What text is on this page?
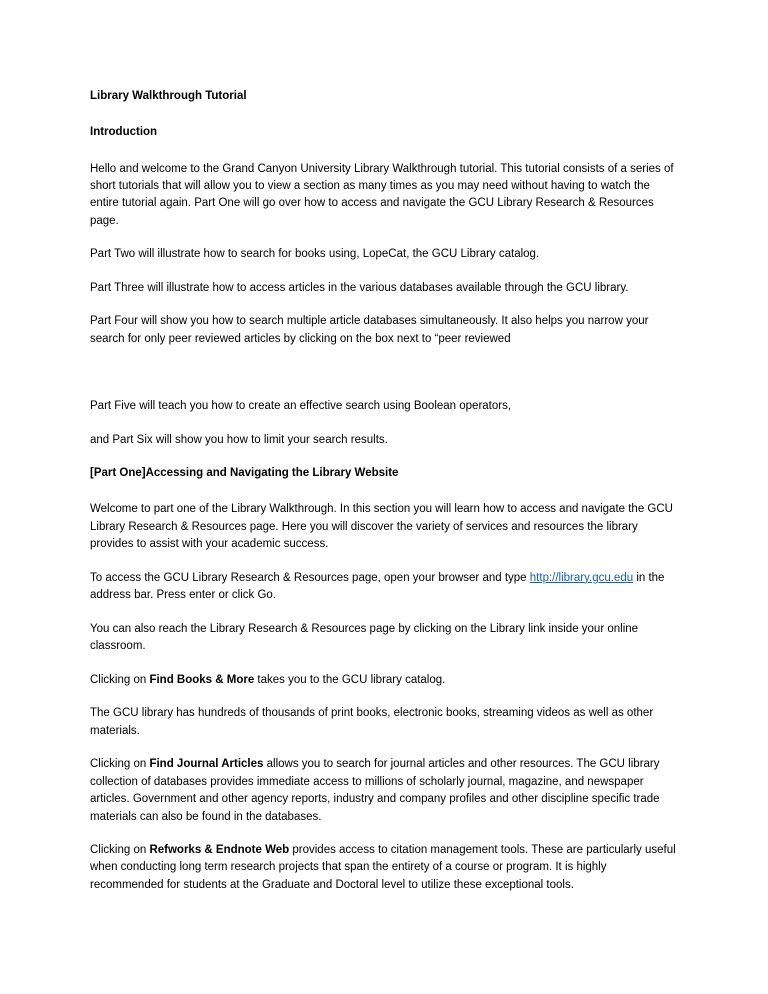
Library Walkthrough Tutorial
Introduction

Hello and welcome to the Grand Canyon University Library Walkthrough tutorial. This tutorial consists of a series of short tutorials that will allow you to view a section as many times as you may need without having to watch the entire tutorial again. Part One will go over how to access and navigate the GCU Library Research & Resources page.

Part Two will illustrate how to search for books using, LopeCat, the GCU Library catalog.

Part Three will illustrate how to access articles in the various databases available through the GCU library.

Part Four will show you how to search multiple article databases simultaneously. It also helps you narrow your search for only peer reviewed articles by clicking on the box next to “peer reviewed

Part Five will teach you how to create an effective search using Boolean operators,

and Part Six will show you how to limit your search results.

[Part One]Accessing and Navigating the Library Website

Welcome to part one of the Library Walkthrough. In this section you will learn how to access and navigate the GCU Library Research & Resources page. Here you will discover the variety of services and resources the library provides to assist with your academic success.

To access the GCU Library Research & Resources page, open your browser and type http://library.gcu.edu in the address bar. Press enter or click Go.

You can also reach the Library Research & Resources page by clicking on the Library link inside your online classroom.

Clicking on Find Books & More takes you to the GCU library catalog.

The GCU library has hundreds of thousands of print books, electronic books, streaming videos as well as other materials.

Clicking on Find Journal Articles allows you to search for journal articles and other resources. The GCU library collection of databases provides immediate access to millions of scholarly journal, magazine, and newspaper articles. Government and other agency reports, industry and company profiles and other discipline specific trade materials can also be found in the databases.

Clicking on Refworks & Endnote Web provides access to citation management tools. These are particularly useful when conducting long term research projects that span the entirety of a course or program. It is highly recommended for students at the Graduate and Doctoral level to utilize these exceptional tools.
